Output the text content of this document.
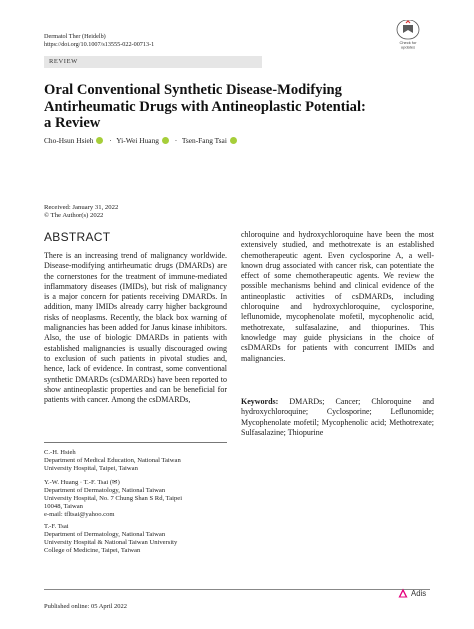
Dermatol Ther (Heidelb)
https://doi.org/10.1007/s13555-022-00713-1	Check for
updates
REVIEW
Oral Conventional Synthetic Disease-Modifying
Antirheumatic Drugs with Antineoplastic Potential:
a Review
Cho-Hsun Hsieh · Yi-Wei Huang · Tsen-Fang Tsai
Received: January 31, 2022
© The Author(s) 2022
ABSTRACT
There is an increasing trend of malignancy worldwide. Disease-modifying antirheumatic drugs (DMARDs) are the cornerstones for the treatment of immune-mediated inflammatory diseases (IMIDs), but risk of malignancy is a major concern for patients receiving DMARDs. In addition, many IMIDs already carry higher background risks of neoplasms. Recently, the black box warning of malignancies has been added for Janus kinase inhibitors. Also, the use of biologic DMARDs in patients with established malignancies is usually discouraged owing to exclusion of such patients in pivotal studies and, hence, lack of evidence. In contrast, some conventional synthetic DMARDs (csDMARDs) have been reported to show antineoplastic properties and can be beneficial for patients with cancer. Among the csDMARDs,
chloroquine and hydroxychloroquine have been the most extensively studied, and methotrexate is an established chemotherapeutic agent. Even cyclosporine A, a well-known drug associated with cancer risk, can potentiate the effect of some chemotherapeutic agents. We review the possible mechanisms behind and clinical evidence of the antineoplastic activities of csDMARDs, including chloroquine and hydroxychloroquine, cyclosporine, leflunomide, mycophenolate mofetil, mycophenolic acid, methotrexate, sulfasalazine, and thiopurines. This knowledge may guide physicians in the choice of csDMARDs for patients with concurrent IMIDs and malignancies.
Keywords: DMARDs; Cancer; Chloroquine and hydroxychloroquine; Cyclosporine; Leflunomide; Mycophenolate mofetil; Mycophenolic acid; Methotrexate; Sulfasalazine; Thiopurine
C.-H. Hsieh
Department of Medical Education, National Taiwan
University Hospital, Taipei, Taiwan
Y.-W. Huang · T.-F. Tsai (✉)
Department of Dermatology, National Taiwan
University Hospital, No. 7 Chung Shan S Rd, Taipei
10048, Taiwan
e-mail: tfltsai@yahoo.com
T.-F. Tsai
Department of Dermatology, National Taiwan
University Hospital & National Taiwan University
College of Medicine, Taipei, Taiwan
Published online: 05 April 2022
Adis
